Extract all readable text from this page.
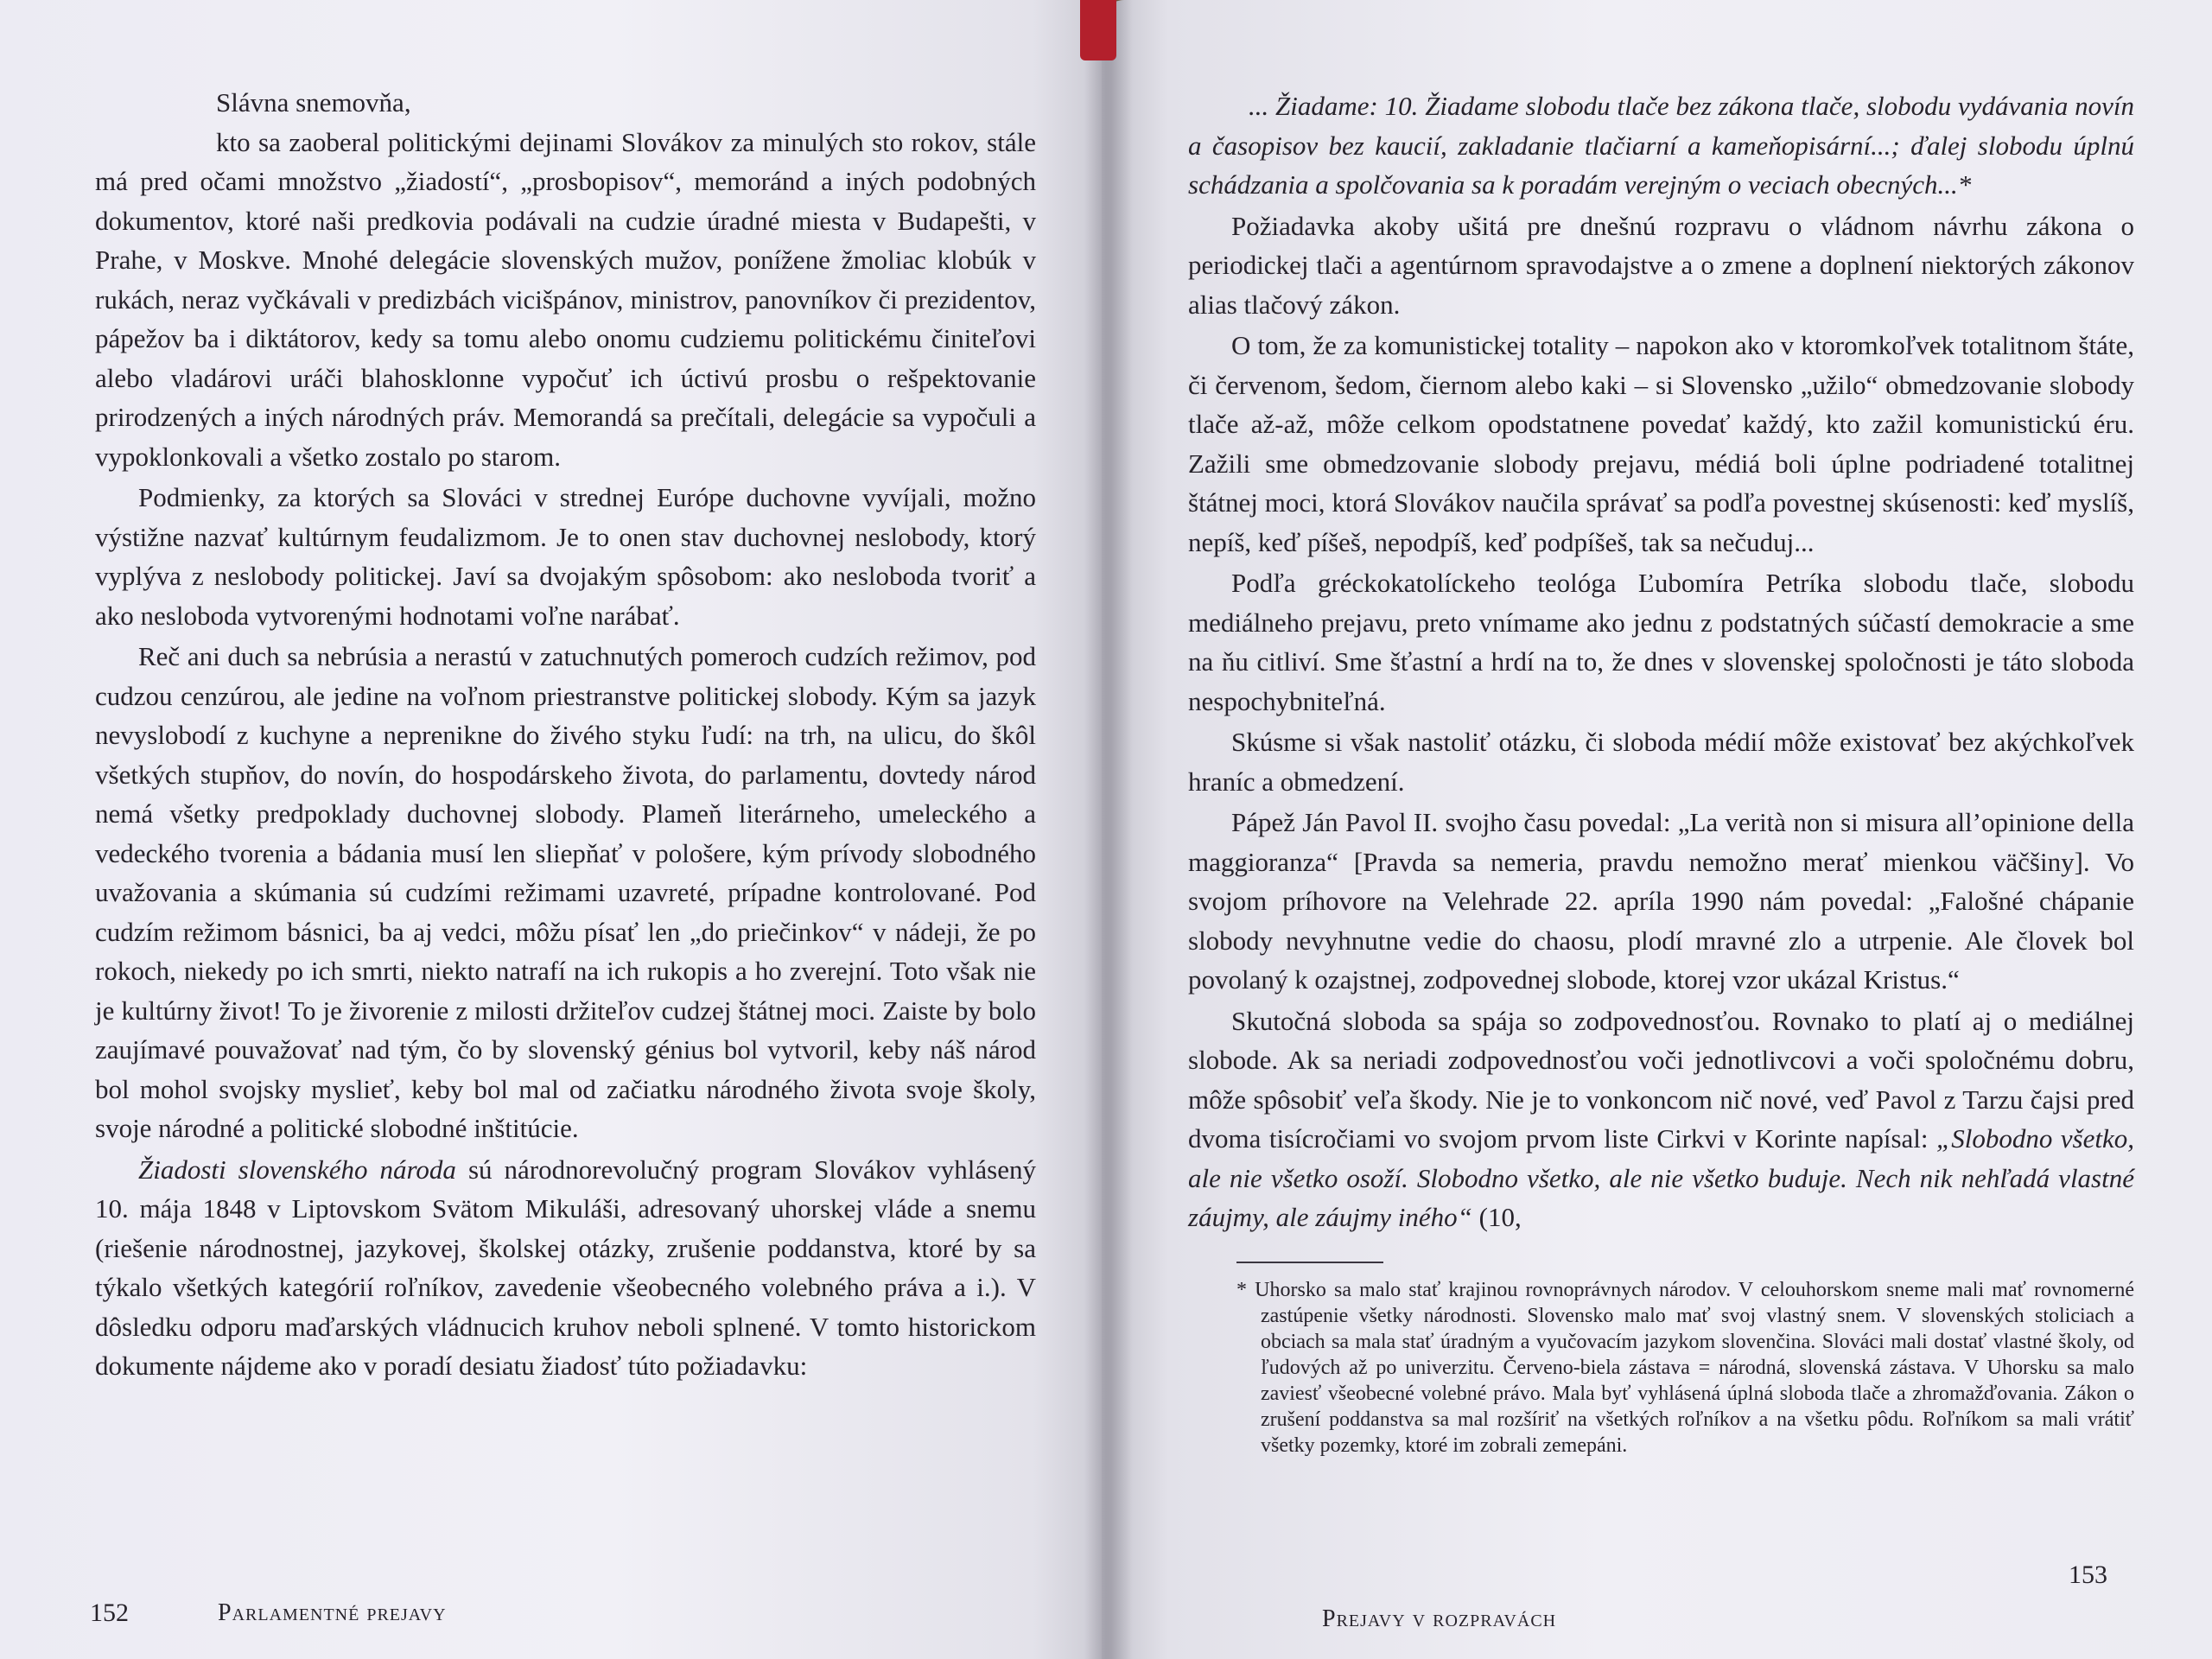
Slávna snemovňa,

kto sa zaoberal politickými dejinami Slovákov za minulých sto rokov, stále má pred očami množstvo „žiadostí“, „prosbopisov“, memoránd a iných podobných dokumentov, ktoré naši predkovia podávali na cudzie úradné miesta v Budapešti, v Prahe, v Moskve. Mnohé delegácie slovenských mužov, ponížene žmoliac klobúk v rukách, neraz vyčkávali v predizbách vicišpánov, ministrov, panovníkov či prezidentov, pápežov ba i diktátorov, kedy sa tomu alebo onomu cudziemu politickému činiteľovi alebo vladárovi uráči blahosklonne vypočuť ich úctivú prosbu o rešpektovanie prirodzených a iných národných práv. Memorandá sa prečítali, delegácie sa vypočuli a vypoklonkovali a všetko zostalo po starom.

Podmienky, za ktorých sa Slováci v strednej Európe duchovne vyvíjali, možno výstižne nazvať kultúrnym feudalizmom. Je to onen stav duchovnej neslobody, ktorý vyplýva z neslobody politickej. Javí sa dvojakým spôsobom: ako nesloboda tvoriť a ako nesloboda vytvorenými hodnotami voľne narábať.

Reč ani duch sa nebrúsia a nerastú v zatuchnutých pomeroch cudzích režimov, pod cudzou cenzúrou, ale jedine na voľnom priestranstve politickej slobody. Kým sa jazyk nevyslobodí z kuchyne a neprenikne do živého styku ľudí: na trh, na ulicu, do škôl všetkých stupňov, do novín, do hospodárskeho života, do parlamentu, dovtedy národ nemá všetky predpoklady duchovnej slobody. Plameň literárneho, umeleckého a vedeckého tvorenia a bádania musí len sliepňať v pološere, kým prívody slobodného uvažovania a skúmania sú cudzími režimami uzavreté, prípadne kontrolované. Pod cudzím režimom básnici, ba aj vedci, môžu písať len „do priečinkov“ v nádeji, že po rokoch, niekedy po ich smrti, niekto natrafí na ich rukopis a ho zverejní. Toto však nie je kultúrny život! To je živorenie z milosti držiteľov cudzej štátnej moci. Zaiste by bolo zaujímavé pouvažovať nad tým, čo by slovenský génius bol vytvoril, keby náš národ bol mohol svojsky myslieť, keby bol mal od začiatku národného života svoje školy, svoje národné a politické slobodné inštitúcie.

Žiadosti slovenského národa sú národnorevolučný program Slovákov vyhlásený 10. mája 1848 v Liptovskom Svätom Mikuláši, adresovaný uhorskej vláde a snemu (riešenie národnostnej, jazykovej, školskej otázky, zrušenie poddanstva, ktoré by sa týkalo všetkých kategórií roľníkov, zavedenie všeobecného volebného práva a i.). V dôsledku odporu maďarských vládnucich kruhov neboli splnené. V tomto historickom dokumente nájdeme ako v poradí desiatu žiadosť túto požiadavku:

... Žiadame: 10. Žiadame slobodu tlače bez zákona tlače, slobodu vydávania novín a časopisov bez kaucií, zakladanie tlačiarní a kameňopisární...; ďalej slobodu úplnú schádzania a spolčovania sa k poradám verejným o veciach obecných...*

Požiadavka akoby ušitá pre dnešnú rozpravu o vládnom návrhu zákona o periodickej tlači a agentúrnom spravodajstve a o zmene a doplnení niektorých zákonov alias tlačový zákon.

O tom, že za komunistickej totality – napokon ako v ktoromkoľvek totalitnom štáte, či červenom, šedom, čiernom alebo kaki – si Slovensko „užilo“ obmedzovanie slobody tlače až-až, môže celkom opodstatnene povedať každý, kto zažil komunistickú éru. Zažili sme obmedzovanie slobody prejavu, médiá boli úplne podriadené totalitnej štátnej moci, ktorá Slovákov naučila správať sa podľa povestnej skúsenosti: keď myslíš, nepíš, keď píšeš, nepodpíš, keď podpíšeš, tak sa nečuduj...

Podľa gréckokatolíckeho teológa Ľubomíra Petríka slobodu tlače, slobodu mediálneho prejavu, preto vnímame ako jednu z podstatných súčastí demokracie a sme na ňu citliví. Sme šťastní a hrdí na to, že dnes v slovenskej spoločnosti je táto sloboda nespochybniteľná.

Skúsme si však nastoliť otázku, či sloboda médií môže existovať bez akýchkoľvek hraníc a obmedzení.

Pápež Ján Pavol II. svojho času povedal: „La verità non si misura all’opinione della maggioranza“ [Pravda sa nemeria, pravdu nemožno merať mienkou väčšiny]. Vo svojom príhovore na Velehrade 22. apríla 1990 nám povedal: „Falošné chápanie slobody nevyhnutne vedie do chaosu, plodí mravné zlo a utrpenie. Ale človek bol povolaný k ozajstnej, zodpovednej slobode, ktorej vzor ukázal Kristus.“

Skutočná sloboda sa spája so zodpovednosťou. Rovnako to platí aj o mediálnej slobode. Ak sa neriadi zodpovednosťou voči jednotlivcovi a voči spoločnému dobru, môže spôsobiť veľa škody. Nie je to vonkoncom nič nové, veď Pavol z Tarzu čajsi pred dvoma tisícročiami vo svojom prvom liste Cirkvi v Korinte napísal: „Slobodno všetko, ale nie všetko osoží. Slobodno všetko, ale nie všetko buduje. Nech nik nehľadá vlastné záujmy, ale záujmy iného“ (10,

* Uhorsko sa malo stať krajinou rovnoprávnych národov. V celouhorskom sneme mali mať rovnomerné zastúpenie všetky národnosti. Slovensko malo mať svoj vlastný snem. V slovenských stoliciach a obciach sa mala stať úradným a vyučovacím jazykom slovenčina. Slováci mali dostať vlastné školy, od ľudových až po univerzitu. Červeno-biela zástava = národná, slovenská zástava. V Uhorsku sa malo zaviesť všeobecné volebné právo. Mala byť vyhlásená úplná sloboda tlače a zhromažďovania. Zákon o zrušení poddanstva sa mal rozšíriť na všetkých roľníkov a na všetku pôdu. Roľníkom sa mali vrátiť všetky pozemky, ktoré im zobrali zemepáni.

152	Parlamentné prejavy	Prejavy v rozpravách
153
